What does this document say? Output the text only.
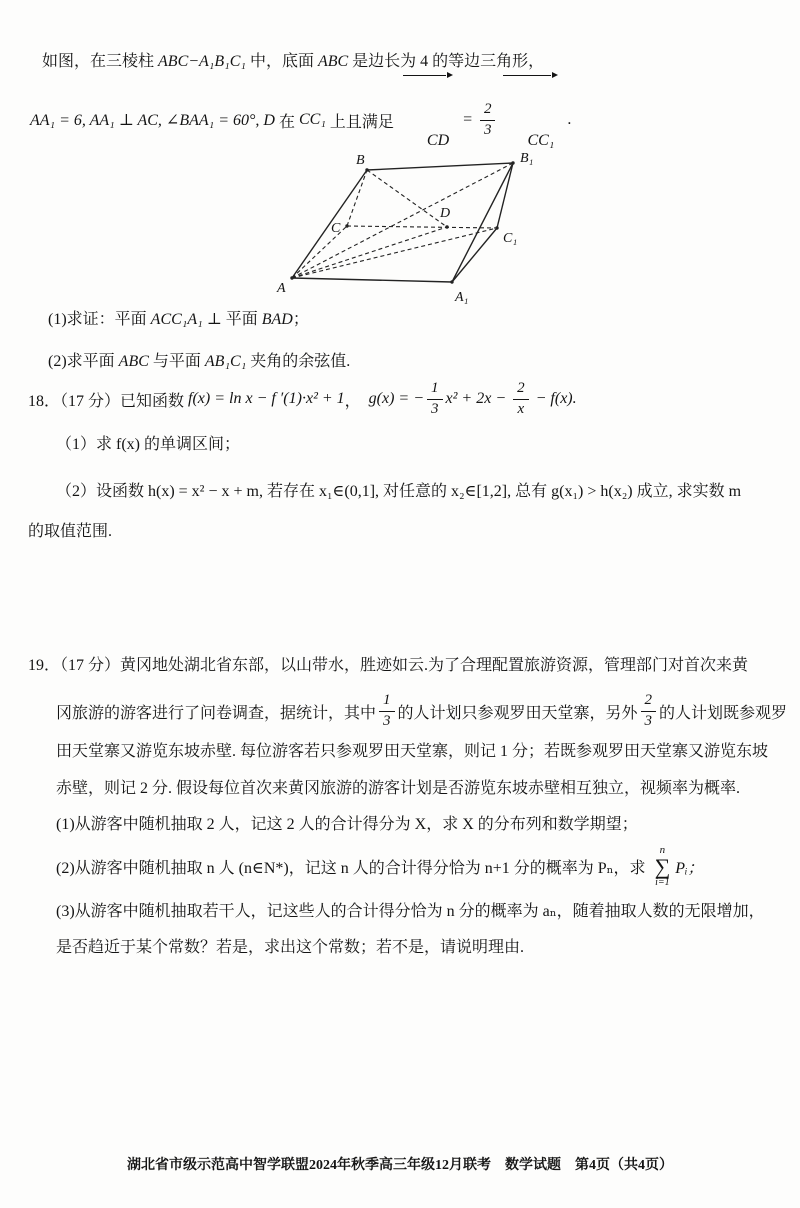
如图，在三棱柱 ABC−A₁B₁C₁ 中，底面 ABC 是边长为 4 的等边三角形，
AA₁ = 6, AA₁ ⊥ AC, ∠BAA₁ = 60°, D 在 CC₁ 上且满足

CD

= $\frac{2}{3}$

CC₁

.
B	B₁
C
D
C₁
A
A₁
(1)求证：平面 ACC₁A₁ ⊥ 平面 BAD；
(2)求平面 ABC 与平面 AB₁C₁ 夹角的余弦值.
18．（17 分）已知函数 f(x) = ln x − f ′(1)·x² + 1 ， g(x) = − $\frac{1}{3} x^2 + 2x - \frac{2}{x} - f(x)$.
（1）求 f(x) 的单调区间；
（2）设函数 h(x) = x² − x + m, 若存在 x₁∈(0,1], 对任意的 x₂∈[1,2], 总有 g(x₁) > h(x₂) 成立, 求实数 m
的取值范围.
19．（17 分）黄冈地处湖北省东部，以山带水，胜迹如云.为了合理配置旅游资源，管理部门对首次来黄
冈旅游的游客进行了问卷调查，据统计，其中 $\frac{1}{3}$ 的人计划只参观罗田天堂寨，另外 $\frac{2}{3}$ 的人计划既参观罗
田天堂寨又游览东坡赤壁. 每位游客若只参观罗田天堂寨，则记 1 分；若既参观罗田天堂寨又游览东坡
赤壁，则记 2 分. 假设每位首次来黄冈旅游的游客计划是否游览东坡赤壁相互独立，视频率为概率.
(1)从游客中随机抽取 2 人，记这 2 人的合计得分为 X，求 X 的分布列和数学期望；
(2)从游客中随机抽取 n 人 (n∈N*)，记这 n 人的合计得分恰为 n+1 分的概率为 Pₙ，求
n
∑
i=1
Pᵢ；
(3)从游客中随机抽取若干人，记这些人的合计得分恰为 n 分的概率为 aₙ，随着抽取人数的无限增加，
是否趋近于某个常数？若是，求出这个常数；若不是，请说明理由.
湖北省市级示范高中智学联盟2024年秋季高三年级12月联考　数学试题　第4页（共4页）
